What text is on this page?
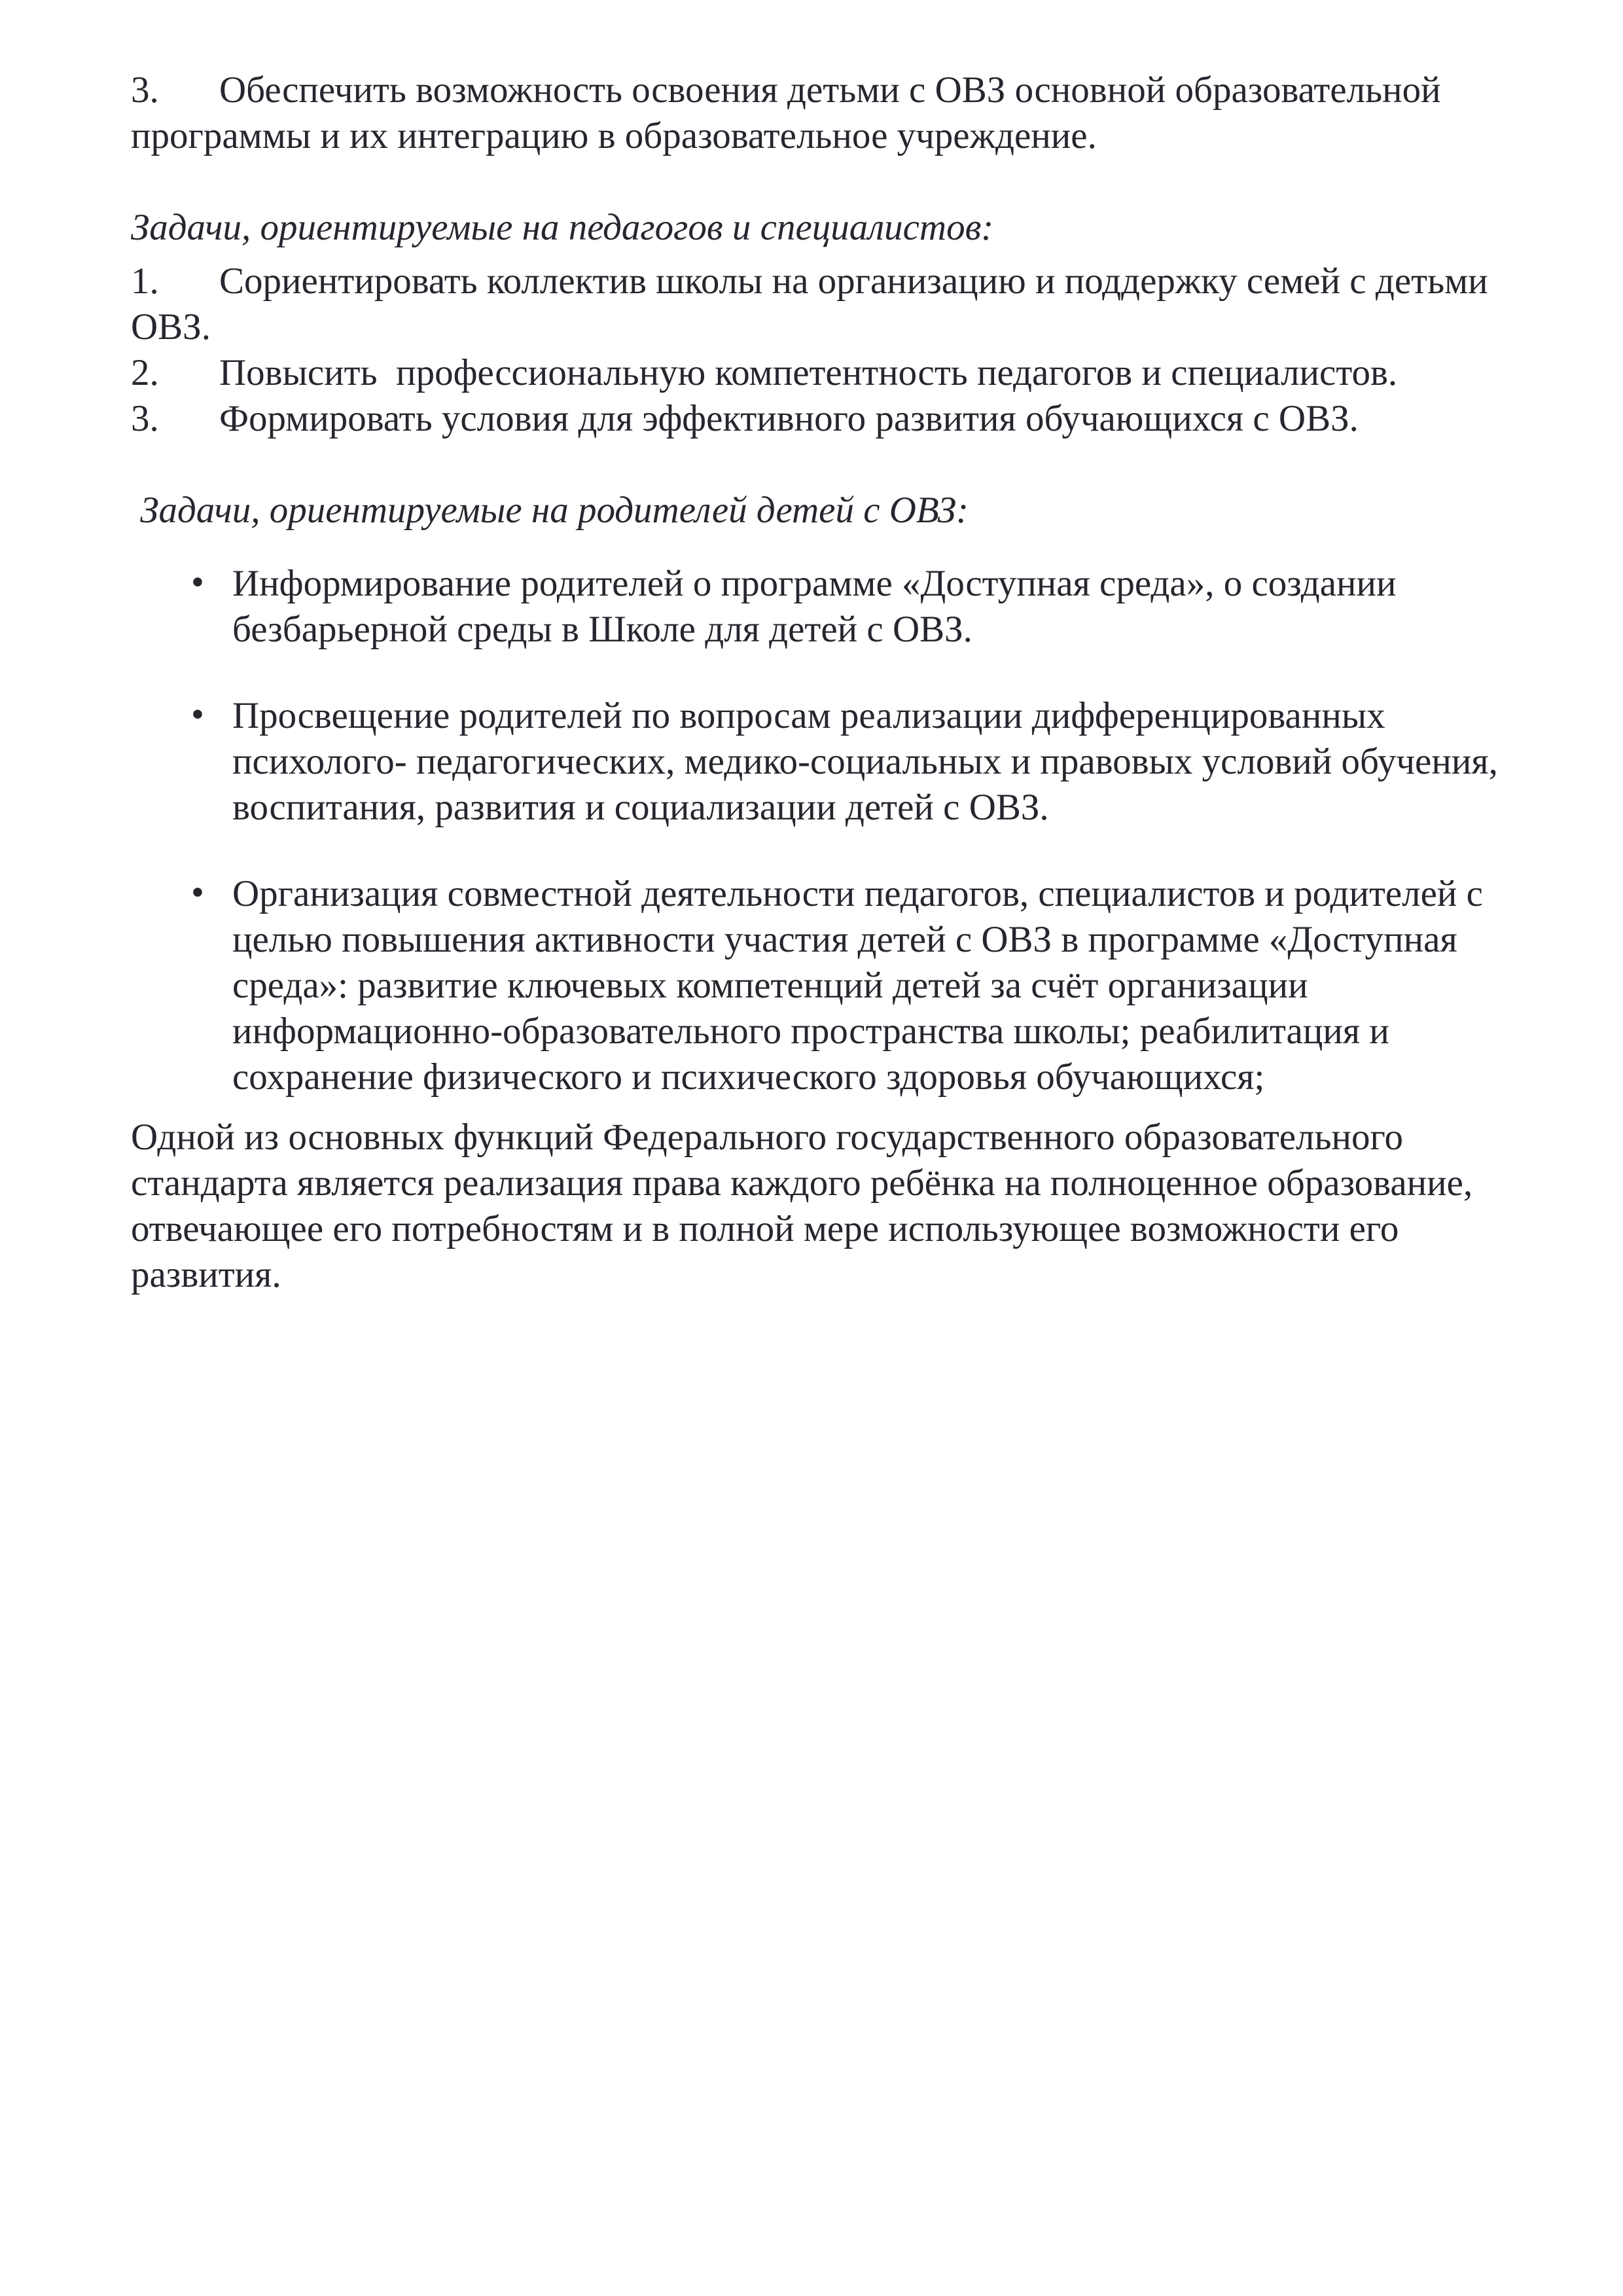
3. Обеспечить возможность освоения детьми с ОВЗ основной образовательной программы и их интеграцию в образовательное учреждение.

Задачи, ориентируемые на педагогов и специалистов:

1. Сориентировать коллектив школы на организацию и поддержку семей с детьми ОВЗ.

2. Повысить  профессиональную компетентность педагогов и специалистов.

3. Формировать условия для эффективного развития обучающихся с ОВЗ.

Задачи, ориентируемые на родителей детей с ОВЗ:
• Информирование родителей о программе «Доступная среда», о создании безбарьерной среды в Школе для детей с ОВЗ.
• Просвещение родителей по вопросам реализации дифференцированных психолого- педагогических, медико-социальных и правовых условий обучения, воспитания, развития и социализации детей с ОВЗ.
• Организация совместной деятельности педагогов, специалистов и родителей с целью повышения активности участия детей с ОВЗ в программе «Доступная среда»: развитие ключевых компетенций детей за счёт организации информационно-образовательного пространства школы; реабилитация и сохранение физического и психического здоровья обучающихся;

Одной из основных функций Федерального государственного образовательного стандарта является реализация права каждого ребёнка на полноценное образование, отвечающее его потребностям и в полной мере использующее возможности его развития.
